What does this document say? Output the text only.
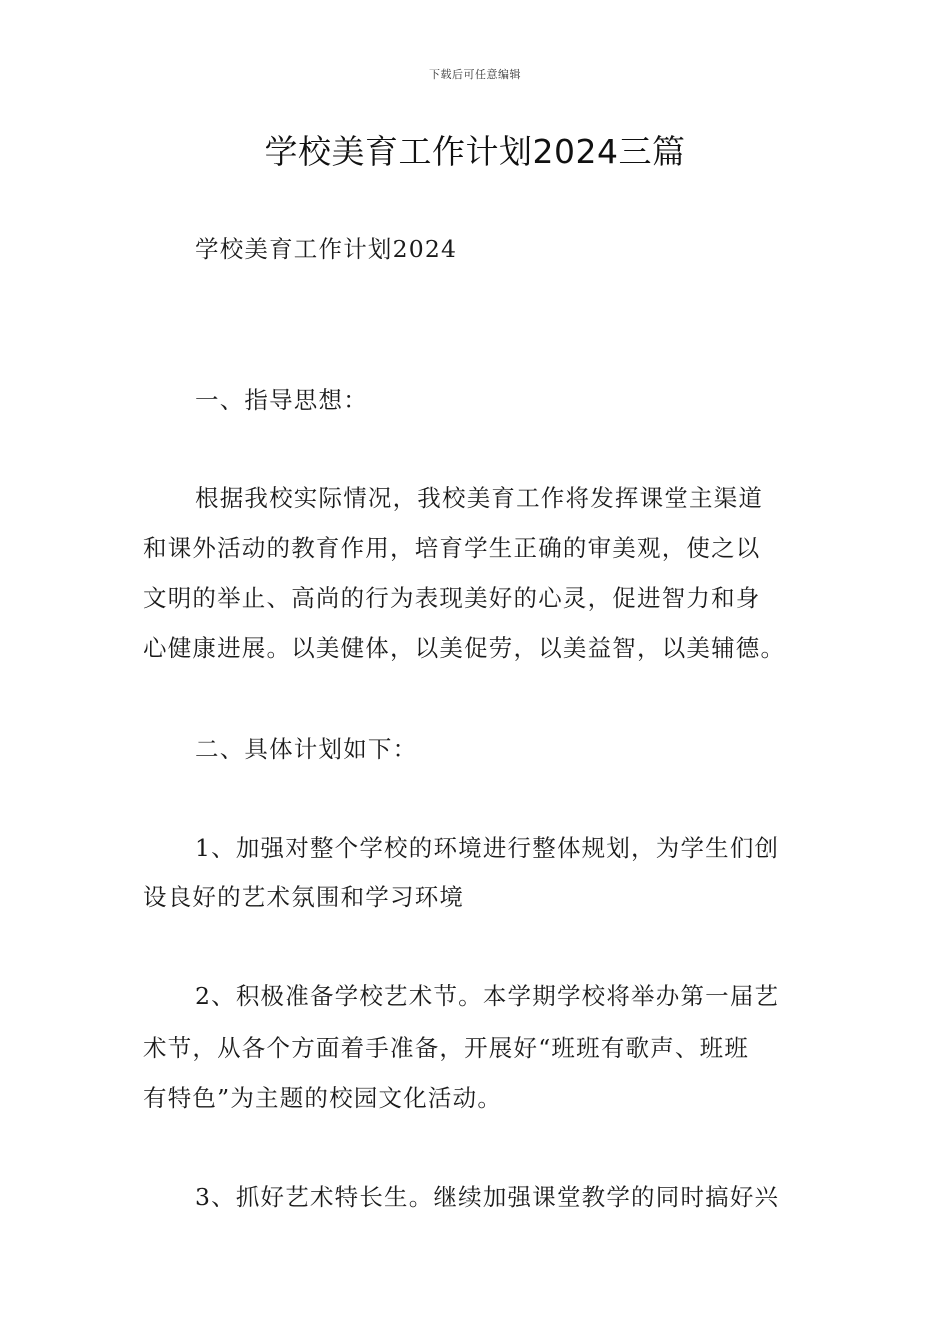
下载后可任意编辑
学校美育工作计划2024三篇
学校美育工作计划2024
一、指导思想：
根据我校实际情况，我校美育工作将发挥课堂主渠道
和课外活动的教育作用，培育学生正确的审美观，使之以
文明的举止、高尚的行为表现美好的心灵，促进智力和身
心健康进展。以美健体，以美促劳，以美益智，以美辅德。
二、具体计划如下：
1、加强对整个学校的环境进行整体规划，为学生们创
设良好的艺术氛围和学习环境
2、积极准备学校艺术节。本学期学校将举办第一届艺
术节，从各个方面着手准备，开展好“班班有歌声、班班
有特色”为主题的校园文化活动。
3、抓好艺术特长生。继续加强课堂教学的同时搞好兴
